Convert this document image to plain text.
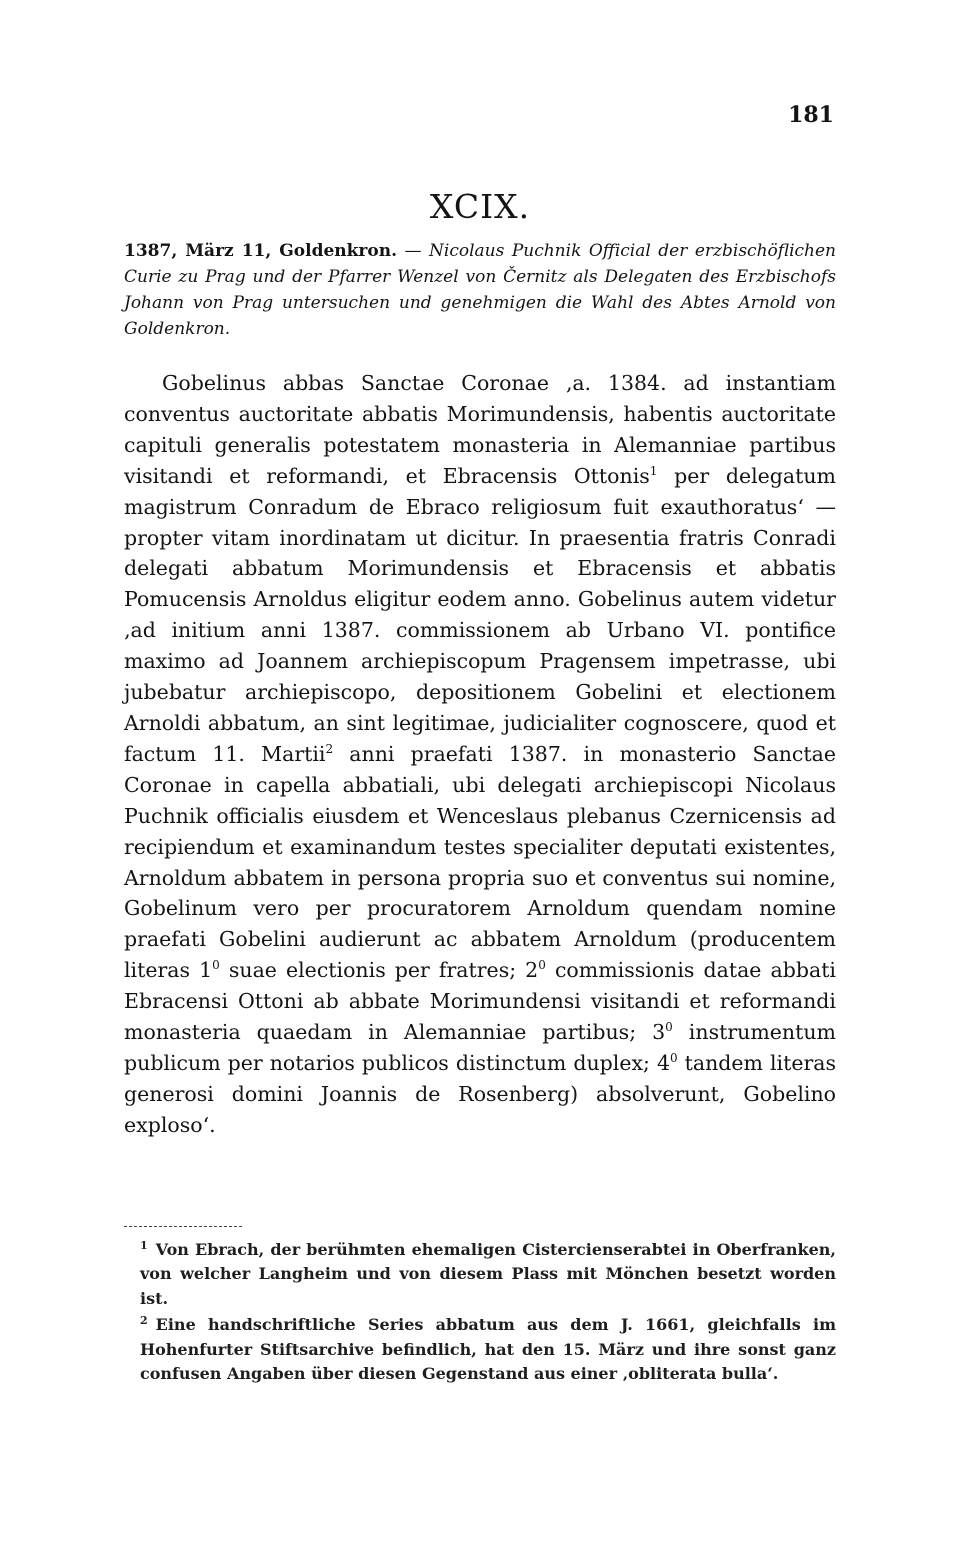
181
XCIX.
1387, März 11, Goldenkron. — Nicolaus Puchnik Official der erzbischöflichen Curie zu Prag und der Pfarrer Wenzel von Černitz als Delegaten des Erzbischofs Johann von Prag untersuchen und genehmigen die Wahl des Abtes Arnold von Goldenkron.

Gobelinus abbas Sanctae Coronae ‚a. 1384. ad instantiam conventus auctoritate abbatis Morimundensis, habentis auctoritate capituli generalis potestatem monasteria in Alemanniae partibus visitandi et reformandi, et Ebracensis Ottonis$^1$ per delegatum magistrum Conradum de Ebraco religiosum fuit exauthoratus‘ — propter vitam inordinatam ut dicitur. In praesentia fratris Conradi delegati abbatum Morimundensis et Ebracensis et abbatis Pomucensis Arnoldus eligitur eodem anno. Gobelinus autem videtur ‚ad initium anni 1387. commissionem ab Urbano VI. pontifice maximo ad Joannem archiepiscopum Pragensem impetrasse, ubi jubebatur archiepiscopo, depositionem Gobelini et electionem Arnoldi abbatum, an sint legitimae, judicialiter cognoscere, quod et factum 11. Martii$^2$ anni praefati 1387. in monasterio Sanctae Coronae in capella abbatiali, ubi delegati archiepiscopi Nicolaus Puchnik officialis eiusdem et Wenceslaus plebanus Czernicensis ad recipiendum et examinandum testes specialiter deputati existentes, Arnoldum abbatem in persona propria suo et conventus sui nomine, Gobelinum vero per procuratorem Arnoldum quendam nomine praefati Gobelini audierunt ac abbatem Arnoldum (producentem literas $1^0$ suae electionis per fratres; $2^0$ commissionis datae abbati Ebracensi Ottoni ab abbate Morimundensi visitandi et reformandi monasteria quaedam in Alemanniae partibus; $3^0$ instrumentum publicum per notarios publicos distinctum duplex; $4^0$ tandem literas generosi domini Joannis de Rosenberg) absolverunt, Gobelino exploso‘.

$^1$ Von Ebrach, der berühmten ehemaligen Cistercienserabtei in Oberfranken, von welcher Langheim und von diesem Plass mit Mönchen besetzt worden ist.

$^2$ Eine handschriftliche Series abbatum aus dem J. 1661, gleichfalls im Hohenfurter Stiftsarchive befindlich, hat den 15. März und ihre sonst ganz confusen Angaben über diesen Gegenstand aus einer ‚obliterata bulla‘.
